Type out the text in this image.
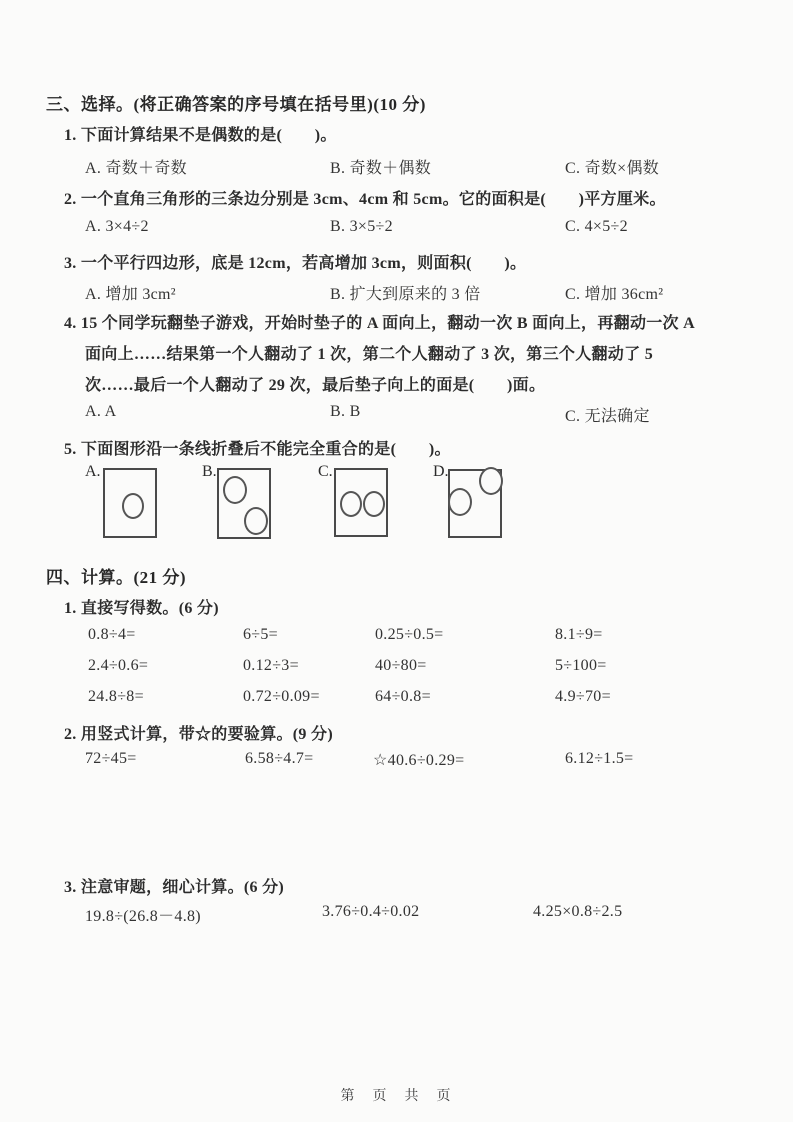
三、选择。(将正确答案的序号填在括号里)(10 分)
1. 下面计算结果不是偶数的是(　　)。
A. 奇数＋奇数	B. 奇数＋偶数	C. 奇数×偶数
2. 一个直角三角形的三条边分别是 3cm、4cm 和 5cm。它的面积是(　　)平方厘米。
A. 3×4÷2	B. 3×5÷2	C. 4×5÷2
3. 一个平行四边形，底是 12cm，若高增加 3cm，则面积(　　)。
A. 增加 3cm²	B. 扩大到原来的 3 倍	C. 增加 36cm²
4. 15 个同学玩翻垫子游戏，开始时垫子的 A 面向上，翻动一次 B 面向上，再翻动一次 A
面向上……结果第一个人翻动了 1 次，第二个人翻动了 3 次，第三个人翻动了 5
次……最后一个人翻动了 29 次，最后垫子向上的面是(　　)面。
A. A	B. B	C. 无法确定
5. 下面图形沿一条线折叠后不能完全重合的是(　　)。
A.	B.	C.	D.
四、计算。(21 分)
1. 直接写得数。(6 分)
0.8÷4=	6÷5=	0.25÷0.5=	8.1÷9=
2.4÷0.6=	0.12÷3=	40÷80=	5÷100=
24.8÷8=	0.72÷0.09=	64÷0.8=	4.9÷70=
2. 用竖式计算，带☆的要验算。(9 分)
72÷45=	6.58÷4.7=	☆40.6÷0.29=	6.12÷1.5=
3. 注意审题，细心计算。(6 分)
19.8÷(26.8－4.8)	3.76÷0.4÷0.02	4.25×0.8÷2.5
第　页　共　页
